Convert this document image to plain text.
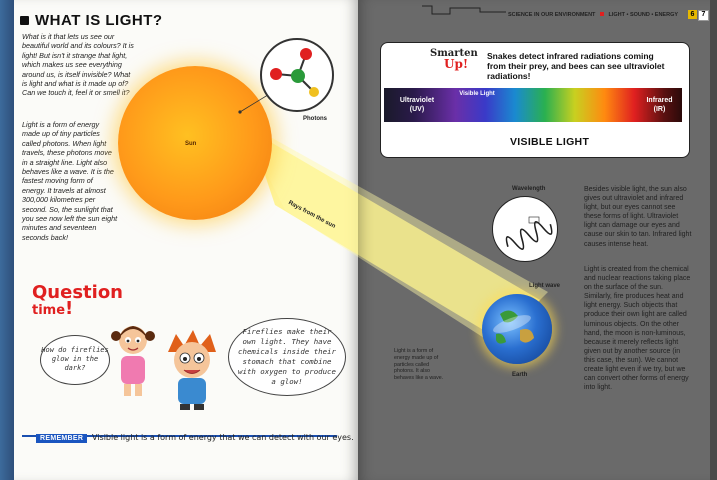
WHAT IS LIGHT?
What is it that lets us see our beautiful world and its colours? It is light! But isn't it strange that light, which makes us see everything around us, is itself invisible? What is light and what is it made up of? Can we touch it, feel it or smell it?
Light is a form of energy made up of tiny particles called photons. When light travels, these photons move in a straight line. Light also behaves like a wave. It is the fastest moving form of energy. It travels at almost 300,000 kilometres per second. So, the sunlight that you see now left the sun eight minutes and seventeen seconds back!
Sun
Photons
Rays from the sun
Question
time!
How do fireflies glow in the dark?
Fireflies make their own light. They have chemicals inside their stomach that combine with oxygen to produce a glow!
REMEMBER	Visible light is a form of energy that we can detect with our eyes.
SCIENCE IN OUR ENVIRONMENT LIGHT • SOUND • ENERGY	6	7
Smarten
Up!
Snakes detect infrared radiations coming from their prey, and bees can see ultraviolet radiations!
Ultraviolet
(UV)
Visible Light
Infrared
(IR)
VISIBLE LIGHT
Wavelength
Light wave
Earth
Light is a form of energy made up of particles called photons. It also behaves like a wave.
Besides visible light, the sun also gives out ultraviolet and infrared light, but our eyes cannot see these forms of light. Ultraviolet light can damage our eyes and cause our skin to tan. Infrared light causes intense heat.
Light is created from the chemical and nuclear reactions taking place on the surface of the sun. Similarly, fire produces heat and light energy. Such objects that produce their own light are called luminous objects. On the other hand, the moon is non-luminous, because it merely reflects light given out by another source (in this case, the sun). We cannot create light even if we try, but we can convert other forms of energy into light.
